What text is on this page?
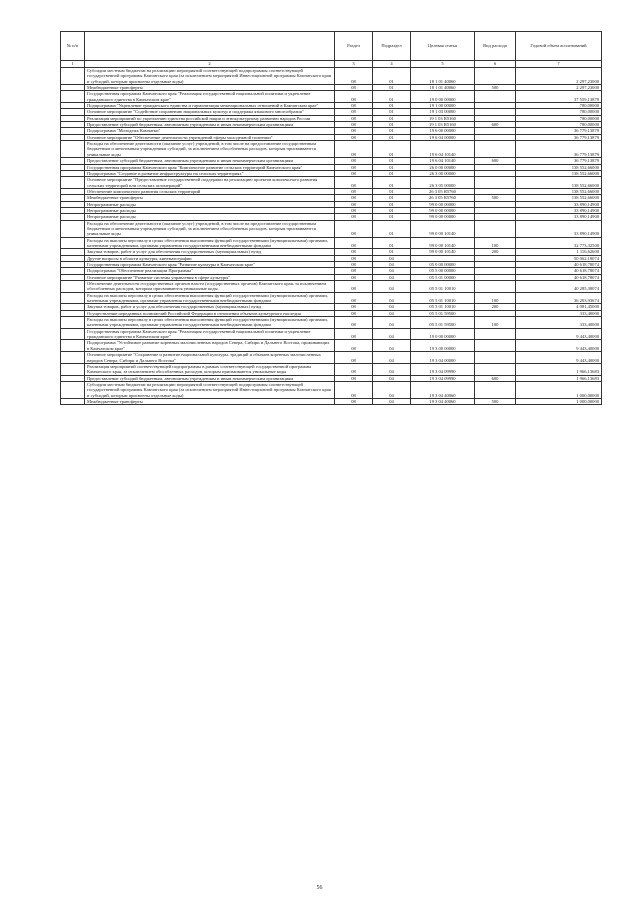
№ п/п		Раздел	Подраздел	Целевая статья	Вид расхода	Годовой объем ассигнований
1	2	3	4	5	6	7
	Субсидии местным бюджетам на реализацию мероприятий соответствующей подпрограммы соответствующей государственной программы Камчатского края (за исключением мероприятий Инвестиционной программы Камчатского края и субсидий, которым присвоены отдельные коды)	08	01	18 1 01 40060		2 297,23000
	Межбюджетные трансферты	08	01	18 1 01 40060	500	2 297,23000
	Государственная программа Камчатского края "Реализация государственной национальной политики и укрепление гражданского единства в Камчатском крае"	08	01	19 0 00 00000		37 559,13879
	Подпрограмма "Укрепление гражданского единства и гармонизация межнациональных отношений в Камчатском крае"	08	01	19 1 00 00000		780,00000
	Основное мероприятие "Содействие сохранению национальных культур и поддержка языкового многообразия"	08	01	19 1 03 00000		780,00000
	Реализация мероприятий по укреплению единства российской нации и этнокультурному развитию народов России	08	01	19 1 03 R5160		780,00000
	Предоставление субсидий бюджетным, автономным учреждениям и иным некоммерческим организациям	08	01	19 1 03 R5160	600	780,00000
	Подпрограмма "Молодежь Камчатки"	08	01	19 6 00 00000		36 779,13879
	Основное мероприятие "Обеспечение деятельности учреждений сферы молодежной политики"	08	01	19 6 04 00000		36 779,13879
	Расходы на обеспечение деятельности (оказание услуг) учреждений, в том числе на предоставление государственным бюджетным и автономным учреждениям субсидий, за исключением обособленных расходов, которым присваиваются уникальные коды	08	01	19 6 04 10140		36 779,13879
	Предоставление субсидий бюджетным, автономным учреждениям и иным некоммерческим организациям	08	01	19 6 04 10140	600	36 779,13879
	Государственная программа Камчатского края "Комплексное развитие сельских территорий Камчатского края"	08	01	26 0 00 00000		138 552,66000
	Подпрограмма "Создание и развитие инфраструктуры на сельских территориях"	08	01	26 3 00 00000		138 552,66000
	Основное мероприятие "Предоставление государственной поддержки на реализацию проектов комплексного развития сельских территорий или сельских агломераций"	08	01	26 3 05 00000		138 552,66000
	Обеспечение комплексного развития сельских территорий	08	01	26 3 05 R5760		138 552,66000
	Межбюджетные трансферты	08	01	26 3 05 R5760	500	138 552,66000
	Непрограммные расходы	08	01	99 0 00 00000		33 890,14900
	Непрограммные расходы	08	01	99 0 00 00000		33 890,14900
	Непрограммные расходы	08	01	99 0 00 00000		33 890,14900
	Расходы на обеспечение деятельности (оказание услуг) учреждений, в том числе на предоставление государственным бюджетным и автономным учреждениям субсидий, за исключением обособленных расходов, которым присваиваются уникальные коды	08	01	99 0 00 10140		33 890,14900
	Расходы на выплаты персоналу в целях обеспечения выполнения функций государственными (муниципальными) органами, казенными учреждениями, органами управления государственными внебюджетными фондами	08	01	99 0 00 10140	100	32 773,32500
	Закупка товаров, работ и услуг для обеспечения государственных (муниципальных) нужд	08	01	99 0 00 10140	200	1 116,62600
	Другие вопросы в области культуры, кинематографии	08	04			50 062,18074
	Государственная программа Камчатского края "Развитие культуры в Камчатском крае"	08	04	05 0 00 00000		40 618,78074
	Подпрограмма "Обеспечение реализации Программы"	08	04	05 5 00 00000		40 618,78074
	Основное мероприятие "Развитие системы управления в сфере культуры"	08	04	05 5 01 00000		40 618,78074
	Обеспечение деятельности государственных органов власти (государственных органов) Камчатского края, за исключением обособленных расходов, которым присваиваются уникальные коды.	08	04	05 5 01 10010		40 285,38074
	Расходы на выплаты персоналу в целях обеспечения выполнения функций государственными (муниципальными) органами, казенными учреждениями, органами управления государственными внебюджетными фондами	08	04	05 5 01 10010	100	36 203,93674
	Закупка товаров, работ и услуг для обеспечения государственных (муниципальных) нужд	08	04	05 5 01 10010	200	4 081,45000
	Осуществление переданных полномочий Российской Федерации в отношении объектов культурного наследия	08	04	05 5 01 59500		333,40000
	Расходы на выплаты персоналу в целях обеспечения выполнения функций государственными (муниципальными) органами, казенными учреждениями, органами управления государственными внебюджетными фондами	08	04	05 5 01 59500	100	333,40000
	Государственная программа Камчатского края "Реализация государственной национальной политики и укрепление гражданского единства в Камчатском крае"	08	04	19 0 00 00000		9 443,40000
	Подпрограмма "Устойчивое развитие коренных малочисленных народов Севера, Сибири и Дальнего Востока, проживающих в Камчатском крае"	08	04	19 3 00 00000		9 443,40000
	Основное мероприятие "Сохранение и развитие национальной культуры, традиций и обычаев коренных малочисленных народов Севера, Сибири и Дальнего Востока"	08	04	19 3 04 00000		9 443,40000
	Реализация мероприятий соответствующей подпрограммы в рамках соответствующей государственной программы Камчатского края, за исключением обособленных расходов, которым присваиваются уникальные коды	08	04	19 3 04 09990		1 966,13683
	Предоставление субсидий бюджетным, автономным учреждениям и иным некоммерческим организациям	08	04	19 3 04 09990	600	1 966,13683
	Субсидии местным бюджетам на реализацию мероприятий соответствующей подпрограммы соответствующей государственной программы Камчатского края (за исключением мероприятий Инвестиционной программы Камчатского края и субсидий, которым присвоены отдельные коды)	08	04	19 3 04 40060		1 000,00000
	Межбюджетные трансферты	08	04	19 3 04 40060	500	1 000,00000
56
